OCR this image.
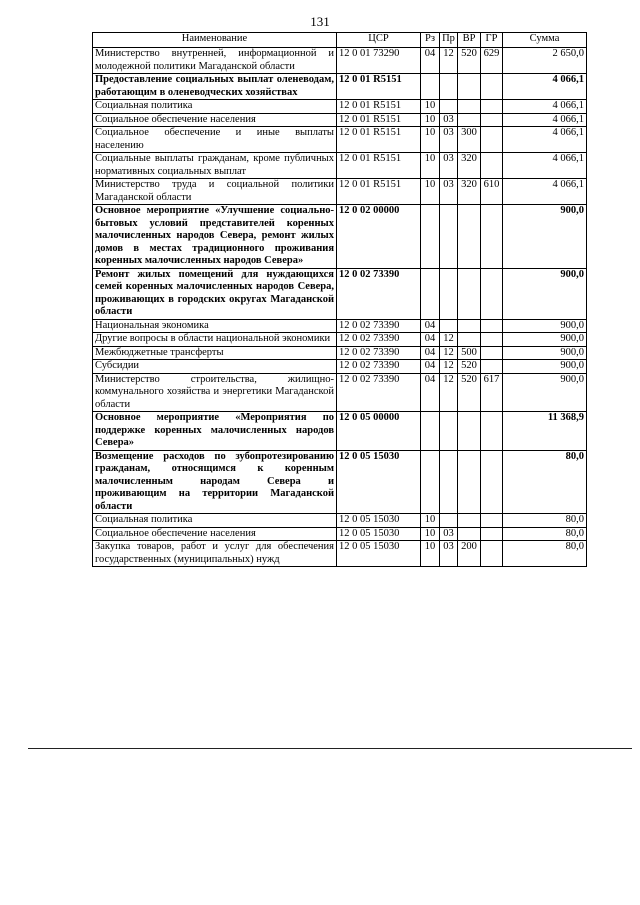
131
Наименование	ЦСР	Рз	Пр	ВР	ГР	Сумма
Министерство внутренней, информационной и молодежной политики Магаданской области	12 0 01 73290	04	12	520	629	2 650,0
Предоставление социальных выплат оленеводам, работающим в оленеводческих хозяйствах	12 0 01 R5151					4 066,1
Социальная политика	12 0 01 R5151	10				4 066,1
Социальное обеспечение населения	12 0 01 R5151	10	03			4 066,1
Социальное обеспечение и иные выплаты населению	12 0 01 R5151	10	03	300		4 066,1
Социальные выплаты гражданам, кроме публичных нормативных социальных выплат	12 0 01 R5151	10	03	320		4 066,1
Министерство труда и социальной политики Магаданской области	12 0 01 R5151	10	03	320	610	4 066,1
Основное мероприятие «Улучшение социально-бытовых условий представителей коренных малочисленных народов Севера, ремонт жилых домов в местах традиционного проживания коренных малочисленных народов Севера»	12 0 02 00000					900,0
Ремонт жилых помещений для нуждающихся семей коренных малочисленных народов Севера, проживающих в городских округах Магаданской области	12 0 02 73390					900,0
Национальная экономика	12 0 02 73390	04				900,0
Другие вопросы в области национальной экономики	12 0 02 73390	04	12			900,0
Межбюджетные трансферты	12 0 02 73390	04	12	500		900,0
Субсидии	12 0 02 73390	04	12	520		900,0
Министерство строительства, жилищно-коммунального хозяйства и энергетики Магаданской области	12 0 02 73390	04	12	520	617	900,0
Основное мероприятие «Мероприятия по поддержке коренных малочисленных народов Севера»	12 0 05 00000					11 368,9
Возмещение расходов по зубопротезированию гражданам, относящимся к коренным малочисленным народам Севера и проживающим на территории Магаданской области	12 0 05 15030					80,0
Социальная политика	12 0 05 15030	10				80,0
Социальное обеспечение населения	12 0 05 15030	10	03			80,0
Закупка товаров, работ и услуг для обеспечения государственных (муниципальных) нужд	12 0 05 15030	10	03	200		80,0
